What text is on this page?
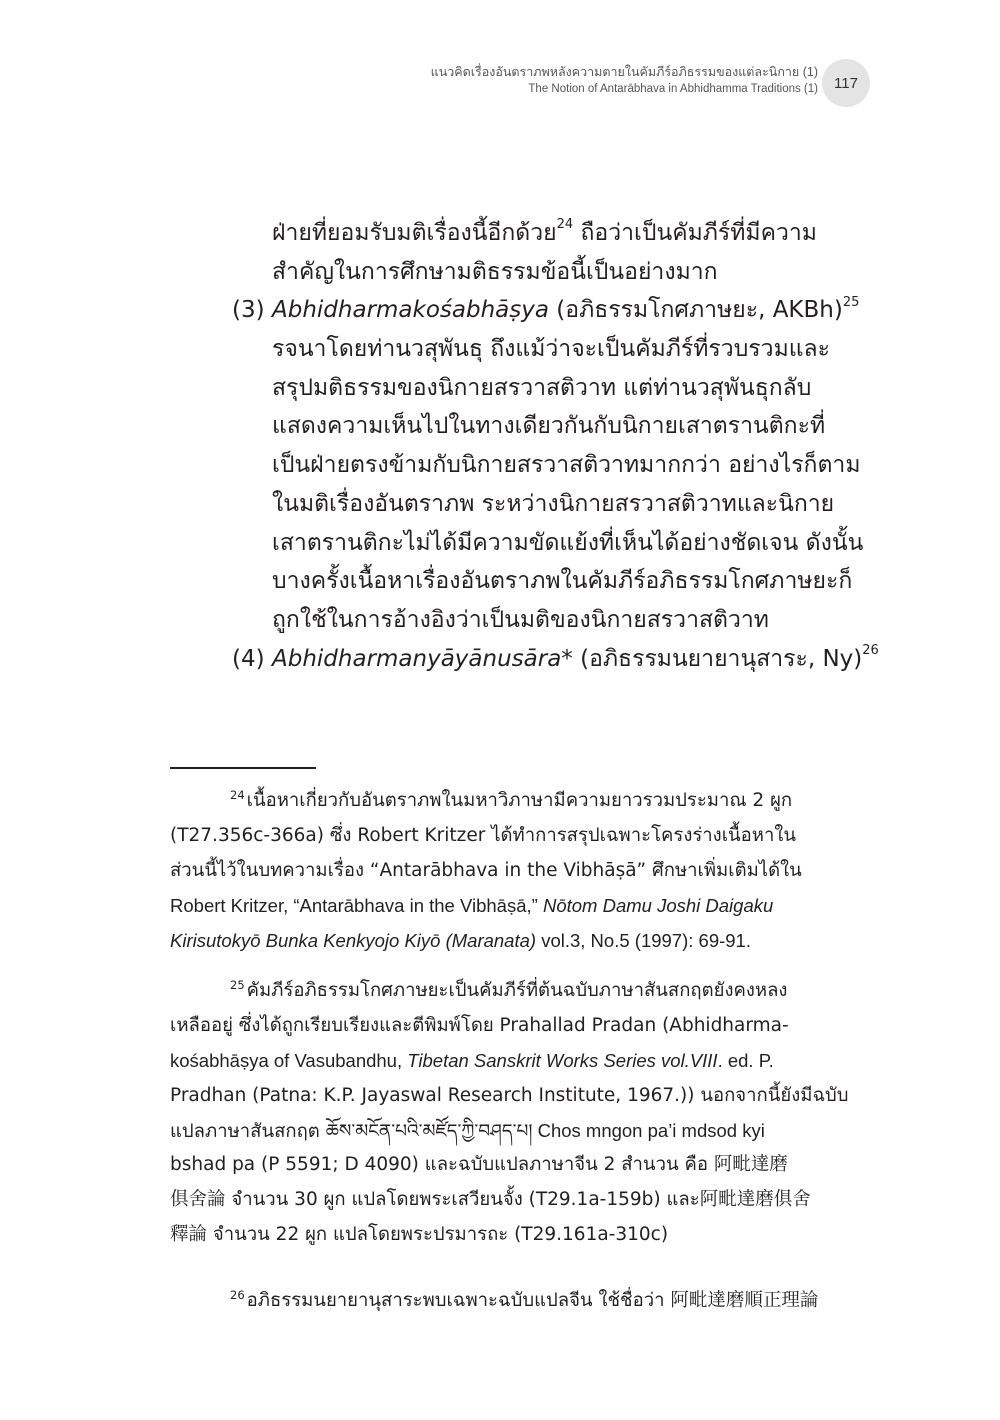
แนวคิดเรื่องอันตราภพหลังความตายในคัมภีร์อภิธรรมของแต่ละนิกาย (1)
The Notion of Antarābhava in Abhidhamma Traditions (1) 117
ฝ่ายที่ยอมรับมติเรื่องนี้อีกด้วย$^{24}$ ถือว่าเป็นคัมภีร์ที่มีความ
สำคัญในการศึกษามติธรรมข้อนี้เป็นอย่างมาก
(3) Abhidharmakośabhāṣya (อภิธรรมโกศภาษยะ, AKBh)$^{25}$
รจนาโดยท่านวสุพันธุ ถึงแม้ว่าจะเป็นคัมภีร์ที่รวบรวมและ
สรุปมติธรรมของนิกายสรวาสติวาท แต่ท่านวสุพันธุกลับ
แสดงความเห็นไปในทางเดียวกันกับนิกายเสาตรานติกะที่
เป็นฝ่ายตรงข้ามกับนิกายสรวาสติวาทมากกว่า อย่างไรก็ตาม
ในมติเรื่องอันตราภพ ระหว่างนิกายสรวาสติวาทและนิกาย
เสาตรานติกะไม่ได้มีความขัดแย้งที่เห็นได้อย่างชัดเจน ดังนั้น
บางครั้งเนื้อหาเรื่องอันตราภพในคัมภีร์อภิธรรมโกศภาษยะก็
ถูกใช้ในการอ้างอิงว่าเป็นมติของนิกายสรวาสติวาท
(4) Abhidharmanyāyānusāra* (อภิธรรมนยายานุสาระ, Ny)$^{26}$
$^{24}$ เนื้อหาเกี่ยวกับอันตราภพในมหาวิภาษามีความยาวรวมประมาณ 2 ผูก
(T27.356c-366a) ซึ่ง Robert Kritzer ได้ทำการสรุปเฉพาะโครงร่างเนื้อหาใน
ส่วนนี้ไว้ในบทความเรื่อง “Antarābhava in the Vibhāṣā” ศึกษาเพิ่มเติมได้ใน
Robert Kritzer, “Antarābhava in the Vibhāṣā,” Nōtom Damu Joshi Daigaku
Kirisutokyō Bunka Kenkyojo Kiyō (Maranata) vol.3, No.5 (1997): 69-91.
$^{25}$ คัมภีร์อภิธรรมโกศภาษยะเป็นคัมภีร์ที่ต้นฉบับภาษาสันสกฤตยังคงหลง
เหลืออยู่ ซึ่งได้ถูกเรียบเรียงและตีพิมพ์โดย Prahallad Pradan (Abhidharma-
kośabhāṣya of Vasubandhu, Tibetan Sanskrit Works Series vol.VIII. ed. P.
Pradhan (Patna: K.P. Jayaswal Research Institute, 1967.)) นอกจากนี้ยังมีฉบับ
แปลภาษาสันสกฤต ཆོས་མངོན་པའི་མཛོད་ཀྱི་བཤད་པ། Chos mngon pa’i mdsod kyi
bshad pa (P 5591; D 4090) และฉบับแปลภาษาจีน 2 สำนวน คือ 阿毗達磨
俱舍論 จำนวน 30 ผูก แปลโดยพระเสวียนจั้ง (T29.1a-159b) และ阿毗達磨俱舍
釋論 จำนวน 22 ผูก แปลโดยพระปรมารถะ (T29.161a-310c)
$^{26}$ อภิธรรมนยายานุสาระพบเฉพาะฉบับแปลจีน ใช้ชื่อว่า 阿毗達磨順正理論
